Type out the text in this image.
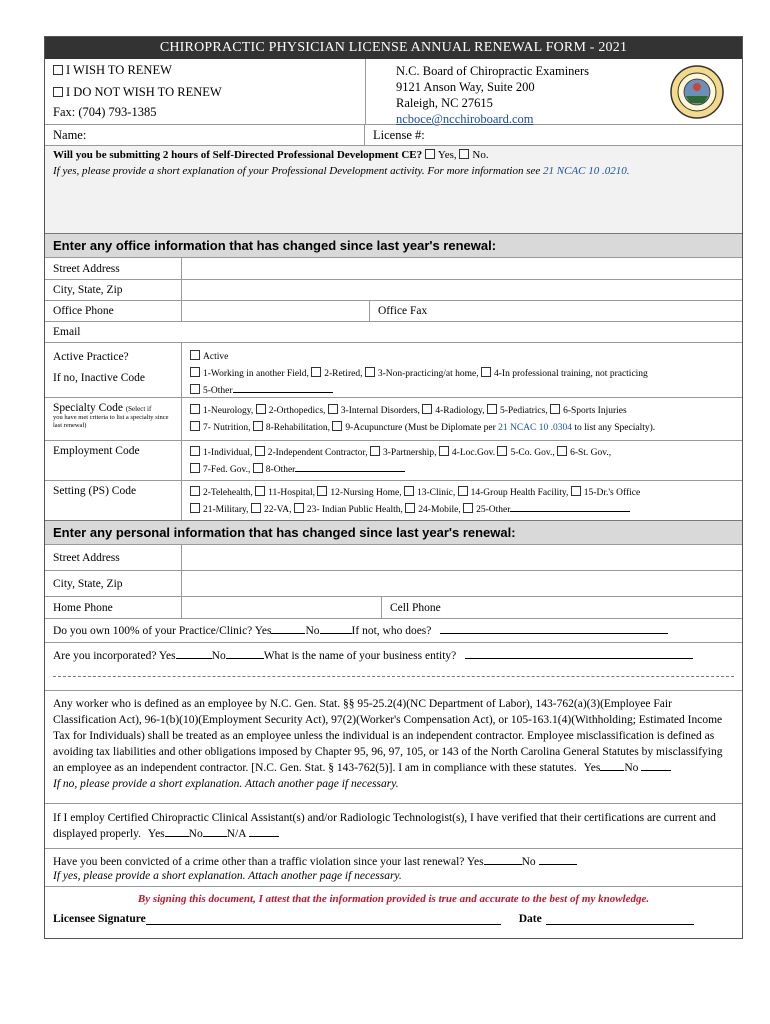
CHIROPRACTIC PHYSICIAN LICENSE ANNUAL RENEWAL FORM - 2021
I WISH TO RENEW
I DO NOT WISH TO RENEW
Fax: (704) 793-1385
N.C. Board of Chiropractic Examiners
9121 Anson Way, Suite 200
Raleigh, NC 27615
ncboce@ncchiroboard.com
Name:	License #:
Will you be submitting 2 hours of Self-Directed Professional Development CE? Yes, No.
If yes, please provide a short explanation of your Professional Development activity. For more information see 21 NCAC 10 .0210.
Enter any office information that has changed since last year's renewal:
Street Address
City, State, Zip
Office Phone	Office Fax
Email
Active Practice?
If no, Inactive Code
Active
1-Working in another Field, 2-Retired, 3-Non-practicing/at home, 4-In professional training, not practicing
5-Other
Specialty Code (Select if
you have met criteria to list a specialty since last renewal)
1-Neurology, 2-Orthopedics, 3-Internal Disorders, 4-Radiology, 5-Pediatrics, 6-Sports Injuries
7- Nutrition, 8-Rehabilitation, 9-Acupuncture (Must be Diplomate per 21 NCAC 10 .0304 to list any Specialty).
Employment Code	1-Individual, 2-Independent Contractor, 3-Partnership, 4-Loc.Gov. 5-Co. Gov., 6-St. Gov.,
7-Fed. Gov., 8-Other
Setting (PS) Code	2-Telehealth, 11-Hospital, 12-Nursing Home, 13-Clinic, 14-Group Health Facility, 15-Dr.'s Office
21-Military, 22-VA, 23- Indian Public Health, 24-Mobile, 25-Other
Enter any personal information that has changed since last year's renewal:
Street Address
City, State, Zip
Home Phone	Cell Phone
Do you own 100% of your Practice/Clinic? Yes	No	If not, who does?
Are you incorporated? Yes	No	What is the name of your business entity?
Any worker who is defined as an employee by N.C. Gen. Stat. §§ 95-25.2(4)(NC Department of Labor), 143-762(a)(3)(Employee Fair Classification Act), 96-1(b)(10)(Employment Security Act), 97(2)(Worker's Compensation Act), or 105-163.1(4)(Withholding; Estimated Income Tax for Individuals) shall be treated as an employee unless the individual is an independent contractor. Employee misclassification is defined as avoiding tax liabilities and other obligations imposed by Chapter 95, 96, 97, 105, or 143 of the North Carolina General Statutes by misclassifying an employee as an independent contractor. [N.C. Gen. Stat. § 143-762(5)]. I am in compliance with these statutes. Yes No
If no, please provide a short explanation. Attach another page if necessary.
If I employ Certified Chiropractic Clinical Assistant(s) and/or Radiologic Technologist(s), I have verified that their certifications are current and displayed properly. Yes No N/A
Have you been convicted of a crime other than a traffic violation since your last renewal? Yes	No
If yes, please provide a short explanation. Attach another page if necessary.
By signing this document, I attest that the information provided is true and accurate to the best of my knowledge.
Licensee Signature	Date
